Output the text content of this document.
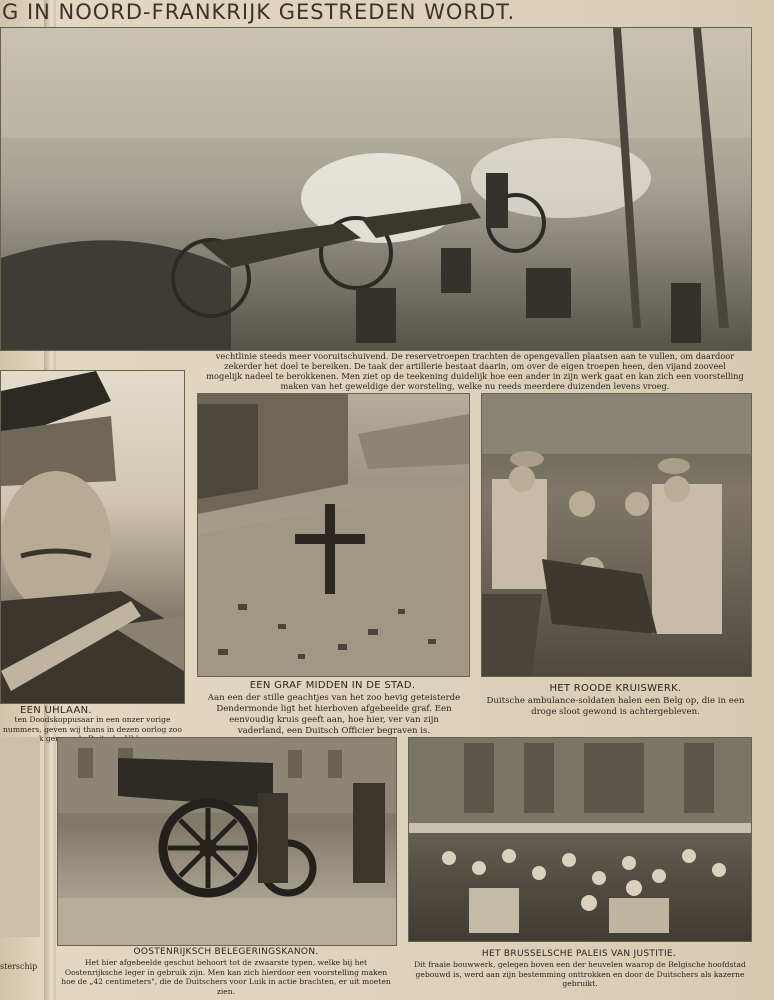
G IN NOORD-FRANKRIJK GESTREDEN WORDT.
vechtlinie steeds meer vooruitschuivend. De reservetroepen trachten de opengevallen plaatsen aan te vullen, om daardoor zekerder het doel te bereiken. De taak der artillerie bestaat daarin, om over de eigen troepen heen, den vijand zooveel mogelijk nadeel te berokkenen. Men ziet op de teekening duidelijk hoe een ander in zijn werk gaat en kan zich een voorstelling maken van het geweldige der worsteling, welke nu reeds meerdere duizenden levens vroeg.
EEN UHLAAN.
ten Doodskoppusaar in een onzer vorige nummers, geven wij thans in dezen oorlog zoo
EEN GRAF MIDDEN IN DE STAD.
Aan een der stille geachtjes van het zoo hevig geteisterde Dendermonde ligt het hierboven afgebeelde graf. Een eenvoudig kruis geeft aan, hoe hier, ver van zijn vaderland, een Duitsch Officier begraven is.
HET ROODE KRUISWERK.
Duitsche ambulance-soldaten halen een Belg op, die in een droge sloot gewond is achtergebleven.
OOSTENRIJKSCH BELEGERINGSKANON.
Het hier afgebeelde geschut behoort tot de zwaarste typen, welke bij het Oostenrijksche leger in gebruik zijn. Men kan zich hierdoor een voorstelling maken hoe de „42 centimeters", die de Duitschers voor Luik in actie brachten, er uit moeten zien.
HET BRUSSELSCHE PALEIS VAN JUSTITIE.
Dit fraaie bouwwerk, gelegen boven een der heuvelen waarop de Belgische hoofdstad gebouwd is, werd aan zijn bestemming onttrokken en door de Duitschers als kazerne gebruikt.
sterschip
